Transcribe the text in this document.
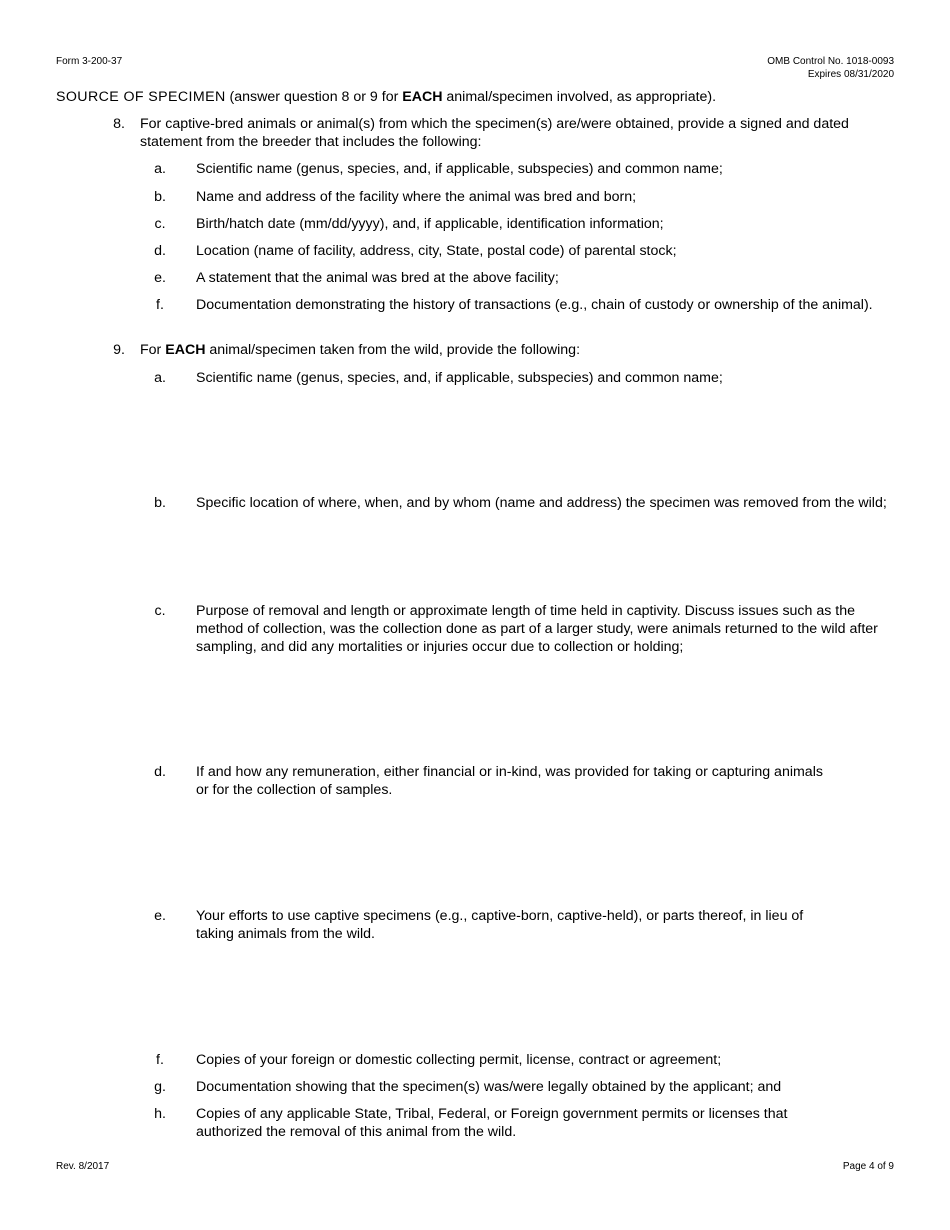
Form 3-200-37	OMB Control No. 1018-0093
Expires 08/31/2020
SOURCE OF SPECIMEN (answer question 8 or 9 for EACH animal/specimen involved, as appropriate).
8. For captive-bred animals or animal(s) from which the specimen(s) are/were obtained, provide a signed and dated statement from the breeder that includes the following:
a. Scientific name (genus, species, and, if applicable, subspecies) and common name;
b. Name and address of the facility where the animal was bred and born;
c.	Birth/hatch date (mm/dd/yyyy), and, if applicable, identification information;
d. Location (name of facility, address, city, State, postal code) of parental stock;
e. A statement that the animal was bred at the above facility;
f.	Documentation demonstrating the history of transactions (e.g., chain of custody or ownership of the animal).
9. For EACH animal/specimen taken from the wild, provide the following:
a. Scientific name (genus, species, and, if applicable, subspecies) and common name;
b. Specific location of where, when, and by whom (name and address) the specimen was removed from the wild;
c.	Purpose of removal and length or approximate length of time held in captivity. Discuss issues such as the method of collection, was the collection done as part of a larger study, were animals returned to the wild after sampling, and did any mortalities or injuries occur due to collection or holding;
d. If and how any remuneration, either financial or in-kind, was provided for taking or capturing animals or for the collection of samples.
e. Your efforts to use captive specimens (e.g., captive-born, captive-held), or parts thereof, in lieu of taking animals from the wild.
f.	Copies of your foreign or domestic collecting permit, license, contract or agreement;
g. Documentation showing that the specimen(s) was/were legally obtained by the applicant; and
h. Copies of any applicable State, Tribal, Federal, or Foreign government permits or licenses that authorized the removal of this animal from the wild.
Rev. 8/2017	Page 4 of 9
